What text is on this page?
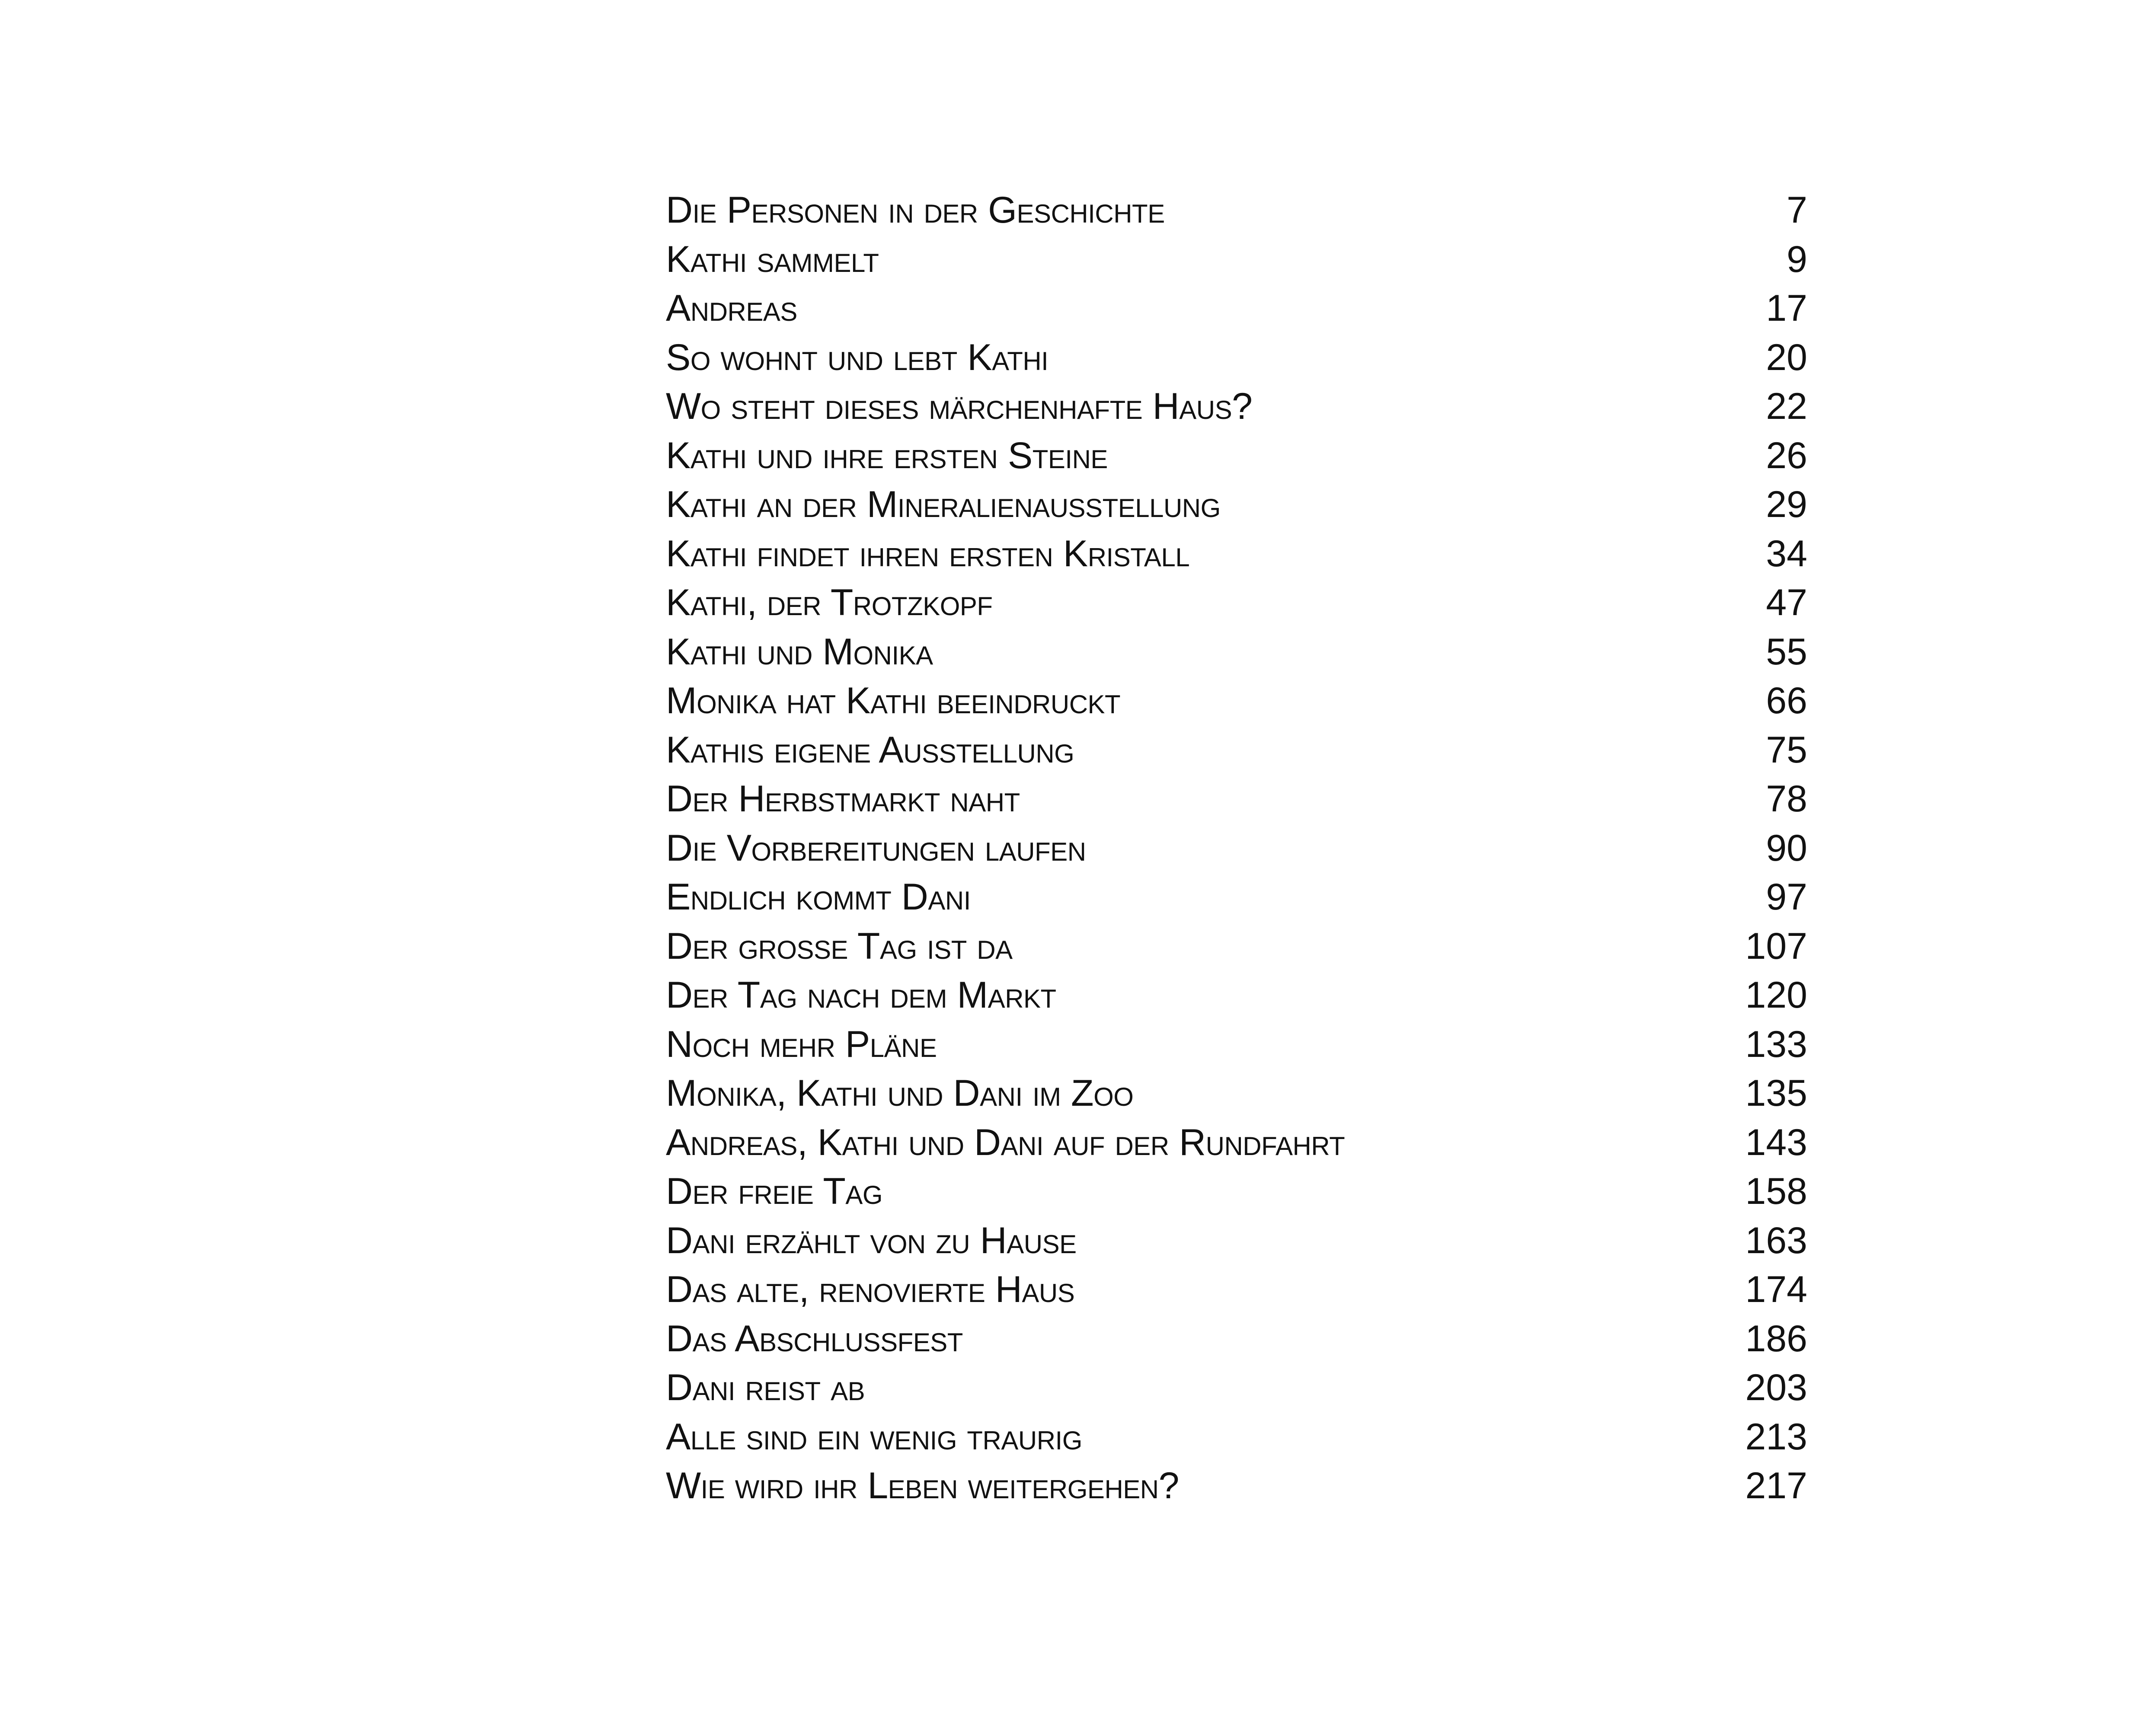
Die Personen in der Geschichte	7
Kathi sammelt	9
Andreas	17
So wohnt und lebt Kathi	20
Wo steht dieses märchenhafte Haus?	22
Kathi und ihre ersten Steine	26
Kathi an der Mineralienausstellung	29
Kathi findet ihren ersten Kristall	34
Kathi, der Trotzkopf	47
Kathi und Monika	55
Monika hat Kathi beeindruckt	66
Kathis eigene Ausstellung	75
Der Herbstmarkt naht	78
Die Vorbereitungen laufen	90
Endlich kommt Dani	97
Der grosse Tag ist da	107
Der Tag nach dem Markt	120
Noch mehr Pläne	133
Monika, Kathi und Dani im Zoo	135
Andreas, Kathi und Dani auf der Rundfahrt	143
Der freie Tag	158
Dani erzählt von zu Hause	163
Das alte, renovierte Haus	174
Das Abschlussfest	186
Dani reist ab	203
Alle sind ein wenig traurig	213
Wie wird ihr Leben weitergehen?	217
